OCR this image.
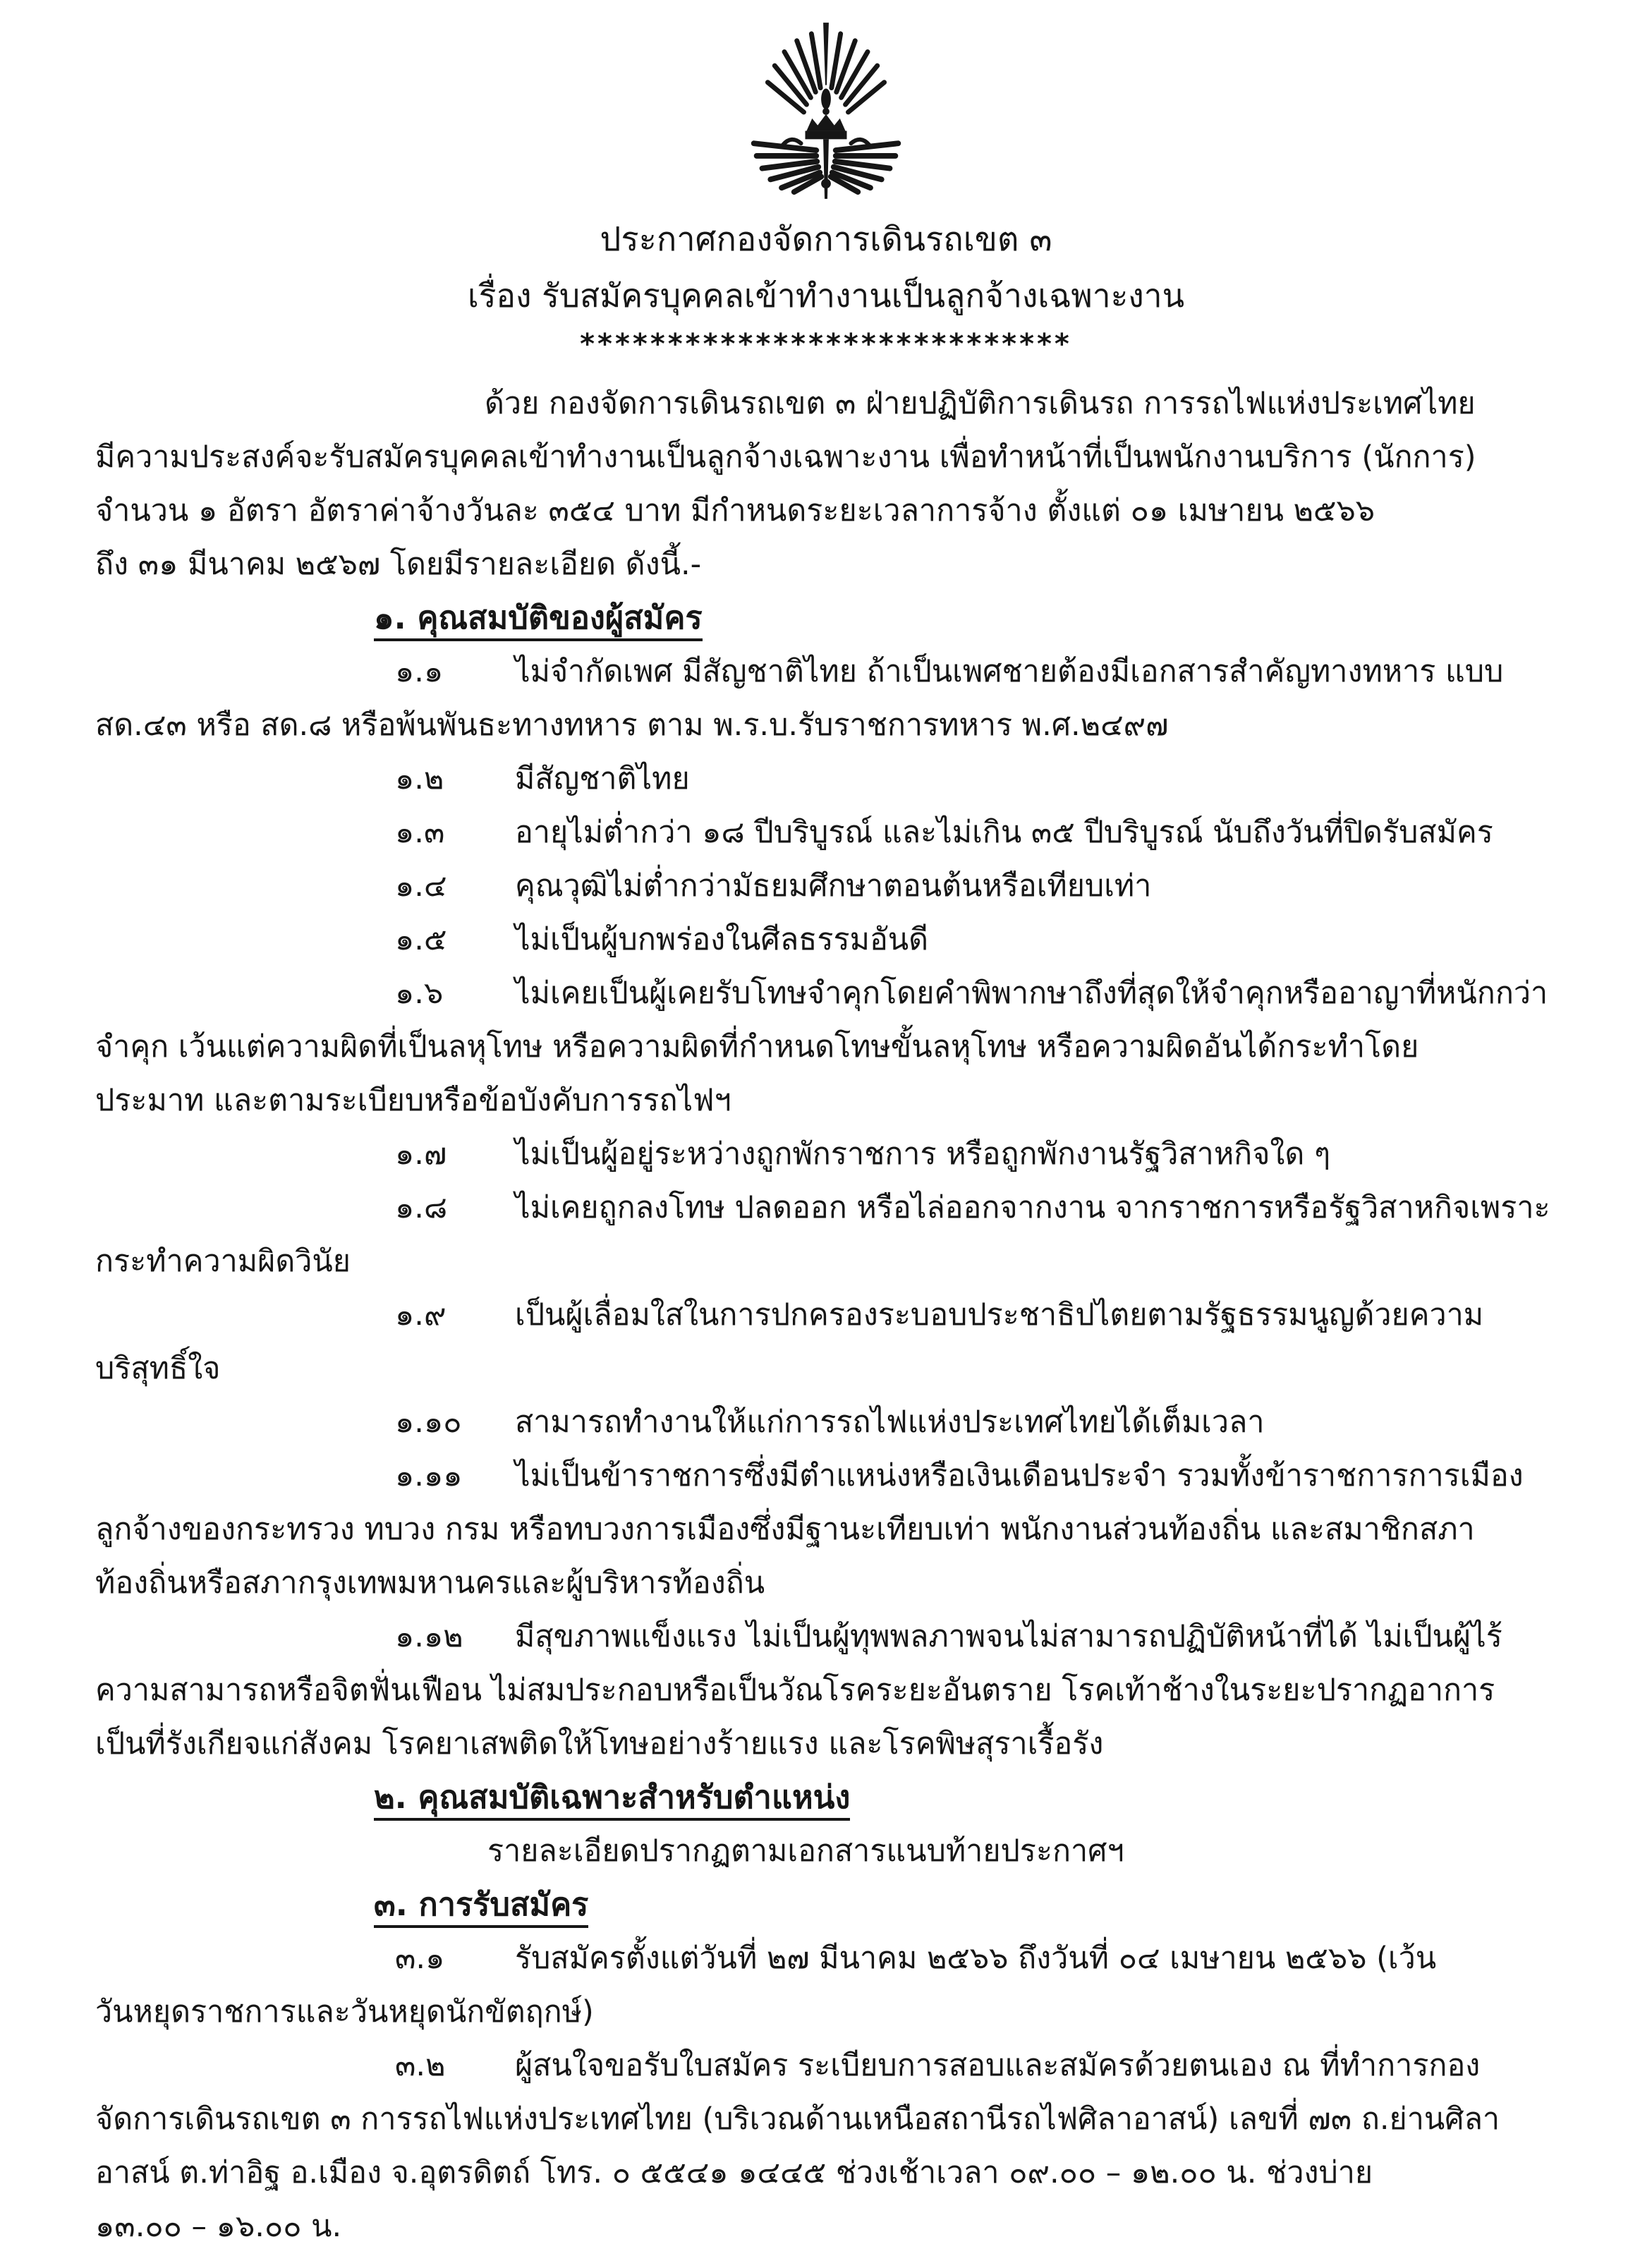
ประกาศกองจัดการเดินรถเขต ๓
เรื่อง รับสมัครบุคคลเข้าทำงานเป็นลูกจ้างเฉพาะงาน
****************************
ด้วย กองจัดการเดินรถเขต ๓ ฝ่ายปฏิบัติการเดินรถ การรถไฟแห่งประเทศไทย
มีความประสงค์จะรับสมัครบุคคลเข้าทำงานเป็นลูกจ้างเฉพาะงาน เพื่อทำหน้าที่เป็นพนักงานบริการ (นักการ)
จำนวน ๑ อัตรา อัตราค่าจ้างวันละ ๓๕๔ บาท มีกำหนดระยะเวลาการจ้าง ตั้งแต่ ๐๑ เมษายน ๒๕๖๖
ถึง ๓๑ มีนาคม ๒๕๖๗ โดยมีรายละเอียด ดังนี้.-
๑. คุณสมบัติของผู้สมัคร
๑.๑ ไม่จำกัดเพศ มีสัญชาติไทย ถ้าเป็นเพศชายต้องมีเอกสารสำคัญทางทหาร แบบ
สด.๔๓ หรือ สด.๘ หรือพ้นพันธะทางทหาร ตาม พ.ร.บ.รับราชการทหาร พ.ศ.๒๔๙๗
๑.๒ มีสัญชาติไทย
๑.๓ อายุไม่ต่ำกว่า ๑๘ ปีบริบูรณ์ และไม่เกิน ๓๕ ปีบริบูรณ์ นับถึงวันที่ปิดรับสมัคร
๑.๔ คุณวุฒิไม่ต่ำกว่ามัธยมศึกษาตอนต้นหรือเทียบเท่า
๑.๕ ไม่เป็นผู้บกพร่องในศีลธรรมอันดี
๑.๖ ไม่เคยเป็นผู้เคยรับโทษจำคุกโดยคำพิพากษาถึงที่สุดให้จำคุกหรืออาญาที่หนักกว่า
จำคุก เว้นแต่ความผิดที่เป็นลหุโทษ หรือความผิดที่กำหนดโทษขั้นลหุโทษ หรือความผิดอันได้กระทำโดย
ประมาท และตามระเบียบหรือข้อบังคับการรถไฟฯ
๑.๗ ไม่เป็นผู้อยู่ระหว่างถูกพักราชการ หรือถูกพักงานรัฐวิสาหกิจใด ๆ
๑.๘ ไม่เคยถูกลงโทษ ปลดออก หรือไล่ออกจากงาน จากราชการหรือรัฐวิสาหกิจเพราะ
กระทำความผิดวินัย
๑.๙ เป็นผู้เลื่อมใสในการปกครองระบอบประชาธิปไตยตามรัฐธรรมนูญด้วยความ
บริสุทธิ์ใจ
๑.๑๐ สามารถทำงานให้แก่การรถไฟแห่งประเทศไทยได้เต็มเวลา
๑.๑๑ ไม่เป็นข้าราชการซึ่งมีตำแหน่งหรือเงินเดือนประจำ รวมทั้งข้าราชการการเมือง
ลูกจ้างของกระทรวง ทบวง กรม หรือทบวงการเมืองซึ่งมีฐานะเทียบเท่า พนักงานส่วนท้องถิ่น และสมาชิกสภา
ท้องถิ่นหรือสภากรุงเทพมหานครและผู้บริหารท้องถิ่น
๑.๑๒ มีสุขภาพแข็งแรง ไม่เป็นผู้ทุพพลภาพจนไม่สามารถปฏิบัติหน้าที่ได้ ไม่เป็นผู้ไร้
ความสามารถหรือจิตฟั่นเฟือน ไม่สมประกอบหรือเป็นวัณโรคระยะอันตราย โรคเท้าช้างในระยะปรากฏอาการ
เป็นที่รังเกียจแก่สังคม โรคยาเสพติดให้โทษอย่างร้ายแรง และโรคพิษสุราเรื้อรัง
๒. คุณสมบัติเฉพาะสำหรับตำแหน่ง
รายละเอียดปรากฏตามเอกสารแนบท้ายประกาศฯ
๓. การรับสมัคร
๓.๑ รับสมัครตั้งแต่วันที่ ๒๗ มีนาคม ๒๕๖๖ ถึงวันที่ ๐๔ เมษายน ๒๕๖๖ (เว้น
วันหยุดราชการและวันหยุดนักขัตฤกษ์)
๓.๒ ผู้สนใจขอรับใบสมัคร ระเบียบการสอบและสมัครด้วยตนเอง ณ ที่ทำการกอง
จัดการเดินรถเขต ๓ การรถไฟแห่งประเทศไทย (บริเวณด้านเหนือสถานีรถไฟศิลาอาสน์) เลขที่ ๗๓ ถ.ย่านศิลา
อาสน์ ต.ท่าอิฐ อ.เมือง จ.อุตรดิตถ์ โทร. ๐ ๕๕๔๑ ๑๔๔๕ ช่วงเช้าเวลา ๐๙.๐๐ – ๑๒.๐๐ น. ช่วงบ่าย
๑๓.๐๐ – ๑๖.๐๐ น.
